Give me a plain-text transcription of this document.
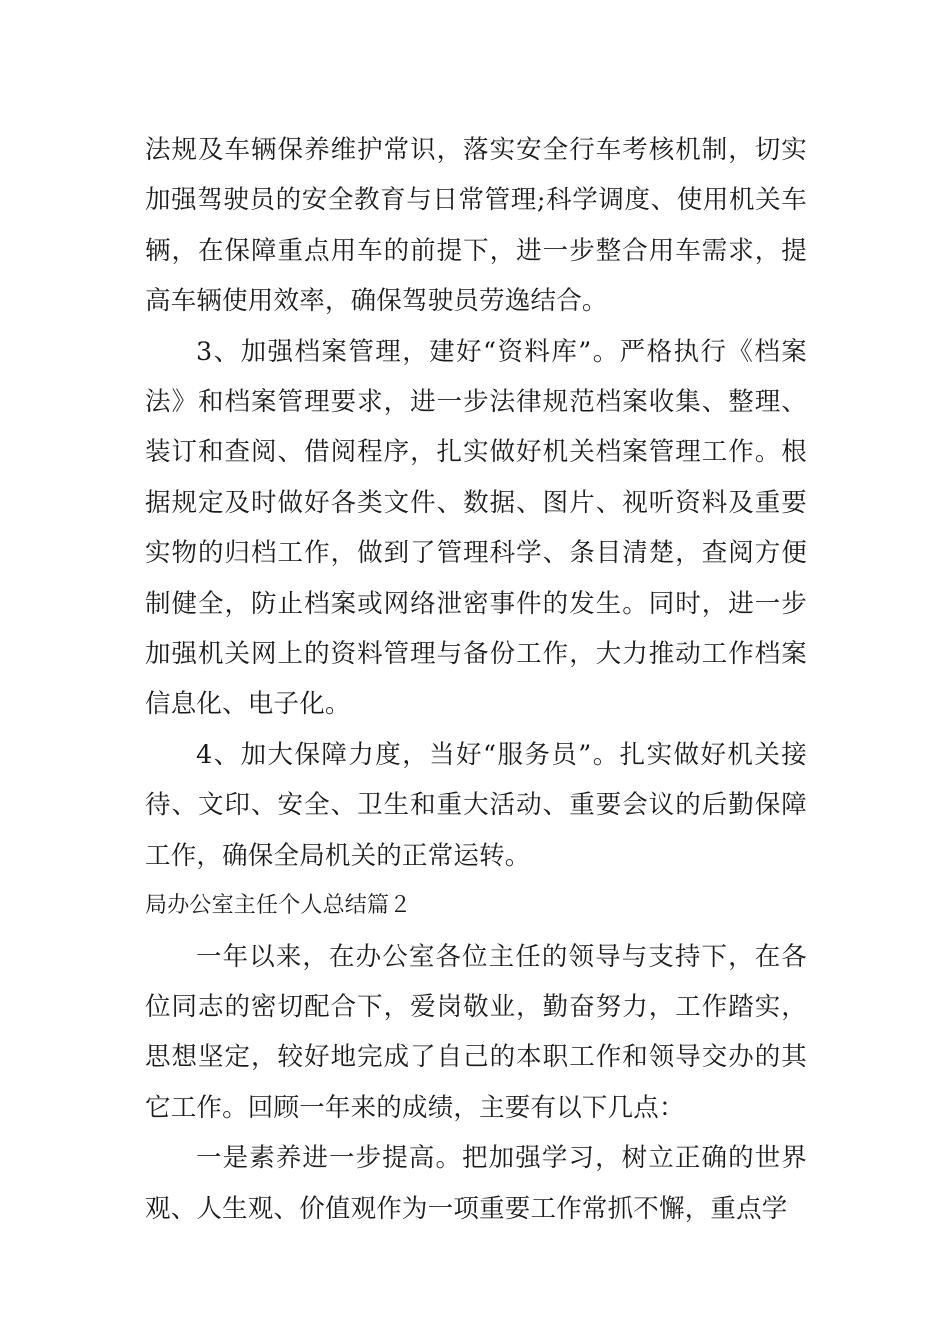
法规及车辆保养维护常识，落实安全行车考核机制，切实加强驾驶员的安全教育与日常管理;科学调度、使用机关车辆，在保障重点用车的前提下，进一步整合用车需求，提高车辆使用效率，确保驾驶员劳逸结合。

3、加强档案管理，建好“资料库”。严格执行《档案法》和档案管理要求，进一步法律规范档案收集、整理、装订和查阅、借阅程序，扎实做好机关档案管理工作。根据规定及时做好各类文件、数据、图片、视听资料及重要实物的归档工作，做到了管理科学、条目清楚，查阅方便制健全，防止档案或网络泄密事件的发生。同时，进一步加强机关网上的资料管理与备份工作，大力推动工作档案信息化、电子化。

4、加大保障力度，当好“服务员”。扎实做好机关接待、文印、安全、卫生和重大活动、重要会议的后勤保障工作，确保全局机关的正常运转。

局办公室主任个人总结篇２

一年以来，在办公室各位主任的领导与支持下，在各位同志的密切配合下，爱岗敬业，勤奋努力，工作踏实，思想坚定，较好地完成了自己的本职工作和领导交办的其它工作。回顾一年来的成绩，主要有以下几点：

一是素养进一步提高。把加强学习，树立正确的世界观、人生观、价值观作为一项重要工作常抓不懈，重点学
